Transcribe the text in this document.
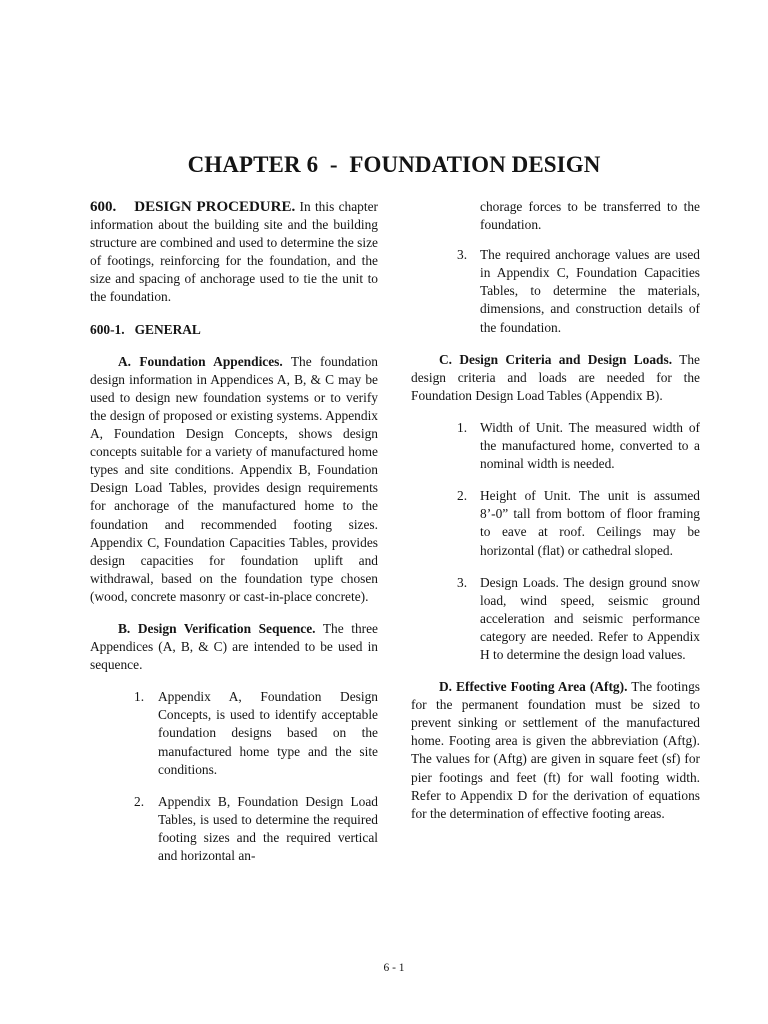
CHAPTER 6  -  FOUNDATION DESIGN

600. DESIGN PROCEDURE. In this chapter information about the building site and the building structure are combined and used to determine the size of footings, reinforcing for the foundation, and the size and spacing of anchorage used to tie the unit to the foundation.

600-1.   GENERAL

A. Foundation Appendices. The foundation design information in Appendices A, B, & C may be used to design new foundation systems or to verify the design of proposed or existing systems. Appendix A, Foundation Design Concepts, shows design concepts suitable for a variety of manufactured home types and site conditions. Appendix B, Foundation Design Load Tables, provides design requirements for anchorage of the manufactured home to the foundation and recommended footing sizes. Appendix C, Foundation Capacities Tables, provides design capacities for foundation uplift and withdrawal, based on the foundation type chosen (wood, concrete masonry or cast-in-place concrete).

B. Design Verification Sequence. The three Appendices (A, B, & C) are intended to be used in sequence.

1. Appendix A, Foundation Design Concepts, is used to identify acceptable foundation designs based on the manufactured home type and the site conditions.
2. Appendix B, Foundation Design Load Tables, is used to determine the required footing sizes and the required vertical and horizontal an-

chorage forces to be transferred to the foundation.

3. The required anchorage values are used in Appendix C, Foundation Capacities Tables, to determine the materials, dimensions, and construction details of the foundation.

C. Design Criteria and Design Loads. The design criteria and loads are needed for the Foundation Design Load Tables (Appendix B).

1. Width of Unit. The measured width of the manufactured home, converted to a nominal width is needed.
2. Height of Unit. The unit is assumed 8’-0” tall from bottom of floor framing to eave at roof. Ceilings may be horizontal (flat) or cathedral sloped.
3. Design Loads. The design ground snow load, wind speed, seismic ground acceleration and seismic performance category are needed. Refer to Appendix H to determine the design load values.

D. Effective Footing Area (Aftg). The footings for the permanent foundation must be sized to prevent sinking or settlement of the manufactured home. Footing area is given the abbreviation (Aftg). The values for (Aftg) are given in square feet (sf) for pier footings and feet (ft) for wall footing width. Refer to Appendix D for the derivation of equations for the determination of effective footing areas.

6 - 1
